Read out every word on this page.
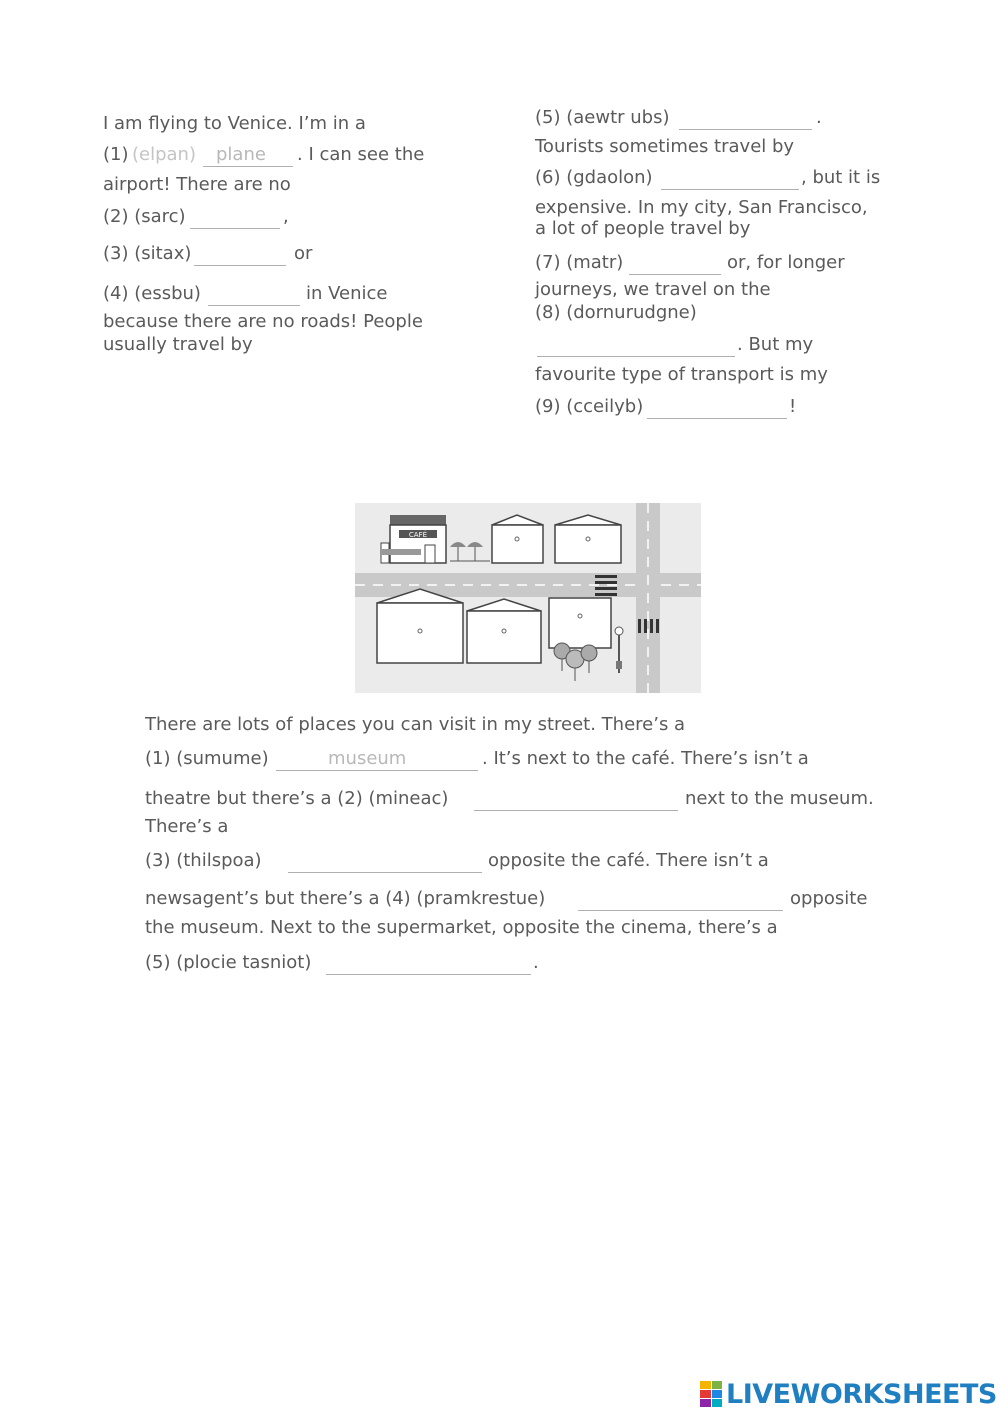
I am flying to Venice. I’m in a
(1) (elpan) plane . I can see the
airport! There are no
(2) (sarc)	,
(3) (sitax)	or
(4) (essbu)	in Venice
because there are no roads! People
usually travel by
(5) (aewtr ubs)	.
Tourists sometimes travel by
(6) (gdaolon)	, but it is
expensive. In my city, San Francisco,
a lot of people travel by
(7) (matr)	or, for longer
journeys, we travel on the
(8) (dornurudgne)
. But my
favourite type of transport is my
(9) (cceilyb)	!
CAFÉ
There are lots of places you can visit in my street. There’s a
(1) (sumume)	museum	. It’s next to the café. There’s isn’t a
theatre but there’s a (2) (mineac)	next to the museum.
There’s a
(3) (thilspoa)	opposite the café. There isn’t a
newsagent’s but there’s a (4) (pramkrestue)	opposite
the museum. Next to the supermarket, opposite the cinema, there’s a
(5) (plocie tasniot)	.
LIVEWORKSHEETS
